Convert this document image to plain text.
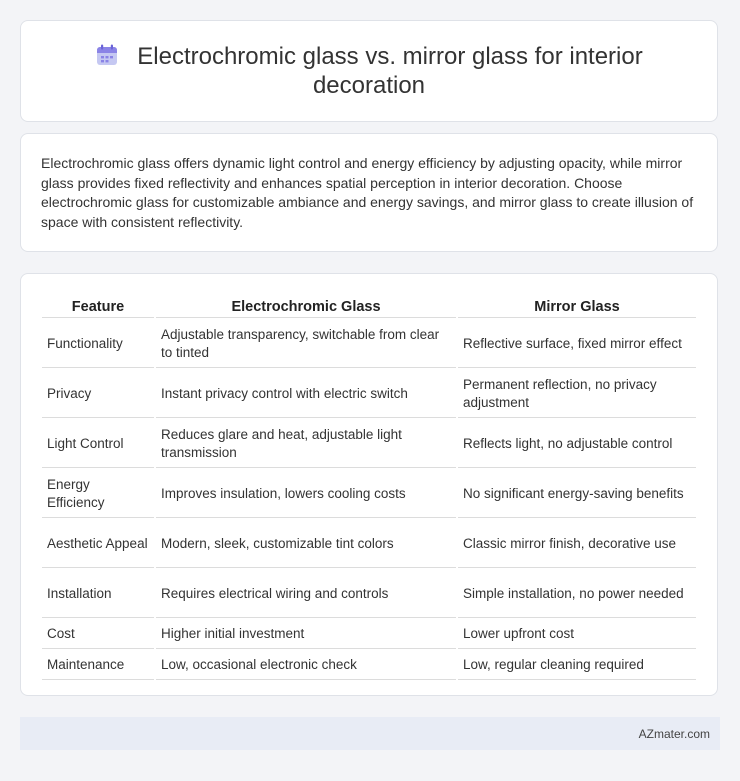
Electrochromic glass vs. mirror glass for interior decoration

Electrochromic glass offers dynamic light control and energy efficiency by adjusting opacity, while mirror glass provides fixed reflectivity and enhances spatial perception in interior decoration. Choose electrochromic glass for customizable ambiance and energy savings, and mirror glass to create illusion of space with consistent reflectivity.

Feature	Electrochromic Glass	Mirror Glass
Functionality	Adjustable transparency, switchable from clear to tinted	Reflective surface, fixed mirror effect
Privacy	Instant privacy control with electric switch	Permanent reflection, no privacy adjustment
Light Control	Reduces glare and heat, adjustable light transmission	Reflects light, no adjustable control
Energy Efficiency	Improves insulation, lowers cooling costs	No significant energy-saving benefits
Aesthetic Appeal	Modern, sleek, customizable tint colors	Classic mirror finish, decorative use
Installation	Requires electrical wiring and controls	Simple installation, no power needed
Cost	Higher initial investment	Lower upfront cost
Maintenance	Low, occasional electronic check	Low, regular cleaning required
AZmater.com
